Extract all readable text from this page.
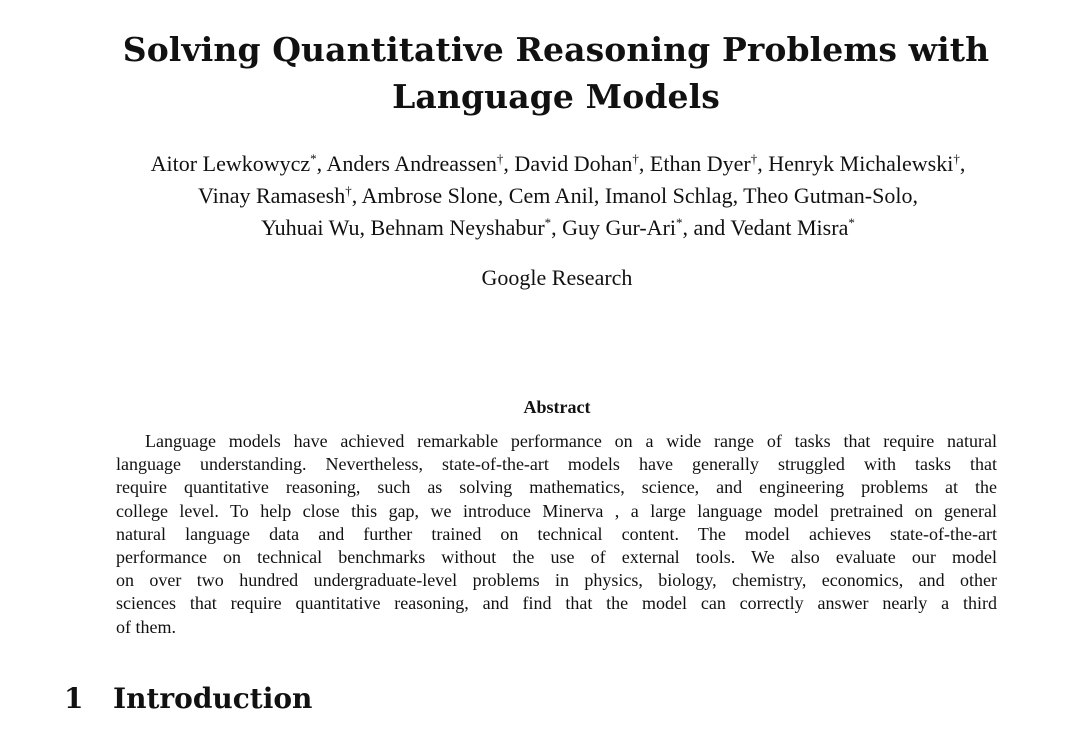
Solving Quantitative Reasoning Problems with
Language Models
Aitor Lewkowycz*, Anders Andreassen†, David Dohan†, Ethan Dyer†, Henryk Michalewski†,
Vinay Ramasesh†, Ambrose Slone, Cem Anil, Imanol Schlag, Theo Gutman-Solo,
Yuhuai Wu, Behnam Neyshabur*, Guy Gur-Ari*, and Vedant Misra*
Google Research
Abstract
Language models have achieved remarkable performance on a wide range of tasks that require natural
language understanding. Nevertheless, state-of-the-art models have generally struggled with tasks that
require quantitative reasoning, such as solving mathematics, science, and engineering problems at the
college level. To help close this gap, we introduce Minerva , a large language model pretrained on general
natural language data and further trained on technical content. The model achieves state-of-the-art
performance on technical benchmarks without the use of external tools. We also evaluate our model
on over two hundred undergraduate-level problems in physics, biology, chemistry, economics, and other
sciences that require quantitative reasoning, and find that the model can correctly answer nearly a third
of them.
1 Introduction
